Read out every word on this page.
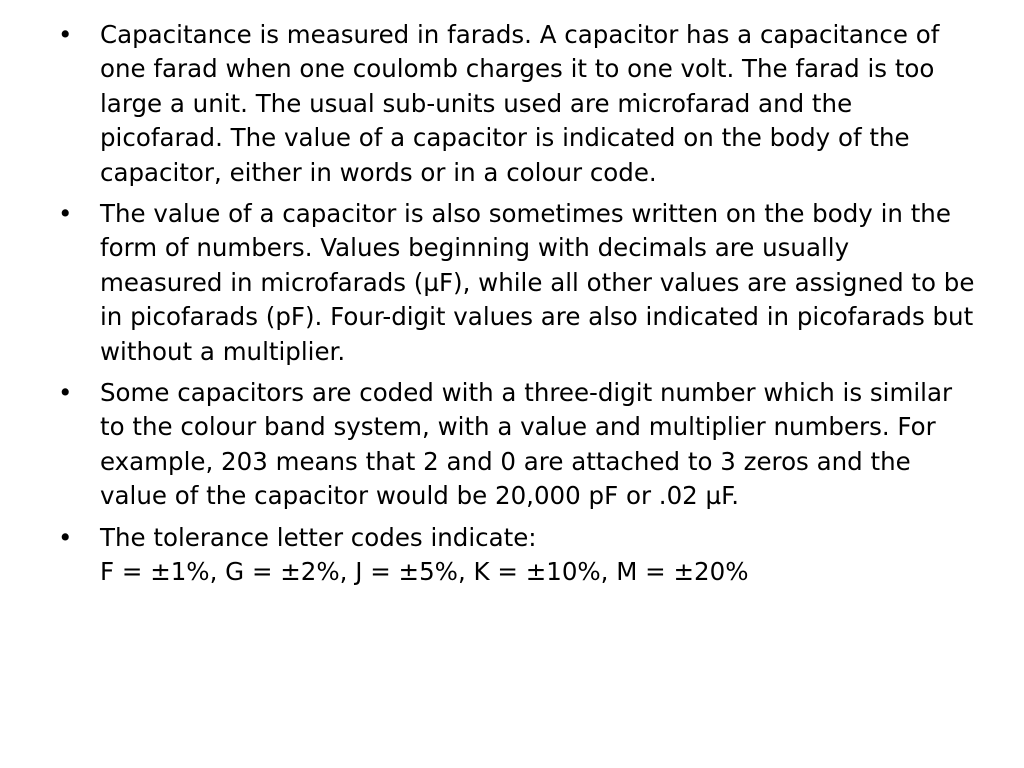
• Capacitance is measured in farads. A capacitor has a capacitance of one farad when one coulomb charges it to one volt. The farad is too large a unit. The usual sub-units used are microfarad and the picofarad. The value of a capacitor is indicated on the body of the capacitor, either in words or in a colour code.
• The value of a capacitor is also sometimes written on the body in the form of numbers. Values beginning with decimals are usually measured in microfarads (µF), while all other values are assigned to be in picofarads (pF). Four-digit values are also indicated in picofarads but without a multiplier.
• Some capacitors are coded with a three-digit number which is similar to the colour band system, with a value and multiplier numbers. For example, 203 means that 2 and 0 are attached to 3 zeros and the value of the capacitor would be 20,000 pF or .02 µF.
• The tolerance letter codes indicate:
F = ±1%, G = ±2%, J = ±5%, K = ±10%, M = ±20%
